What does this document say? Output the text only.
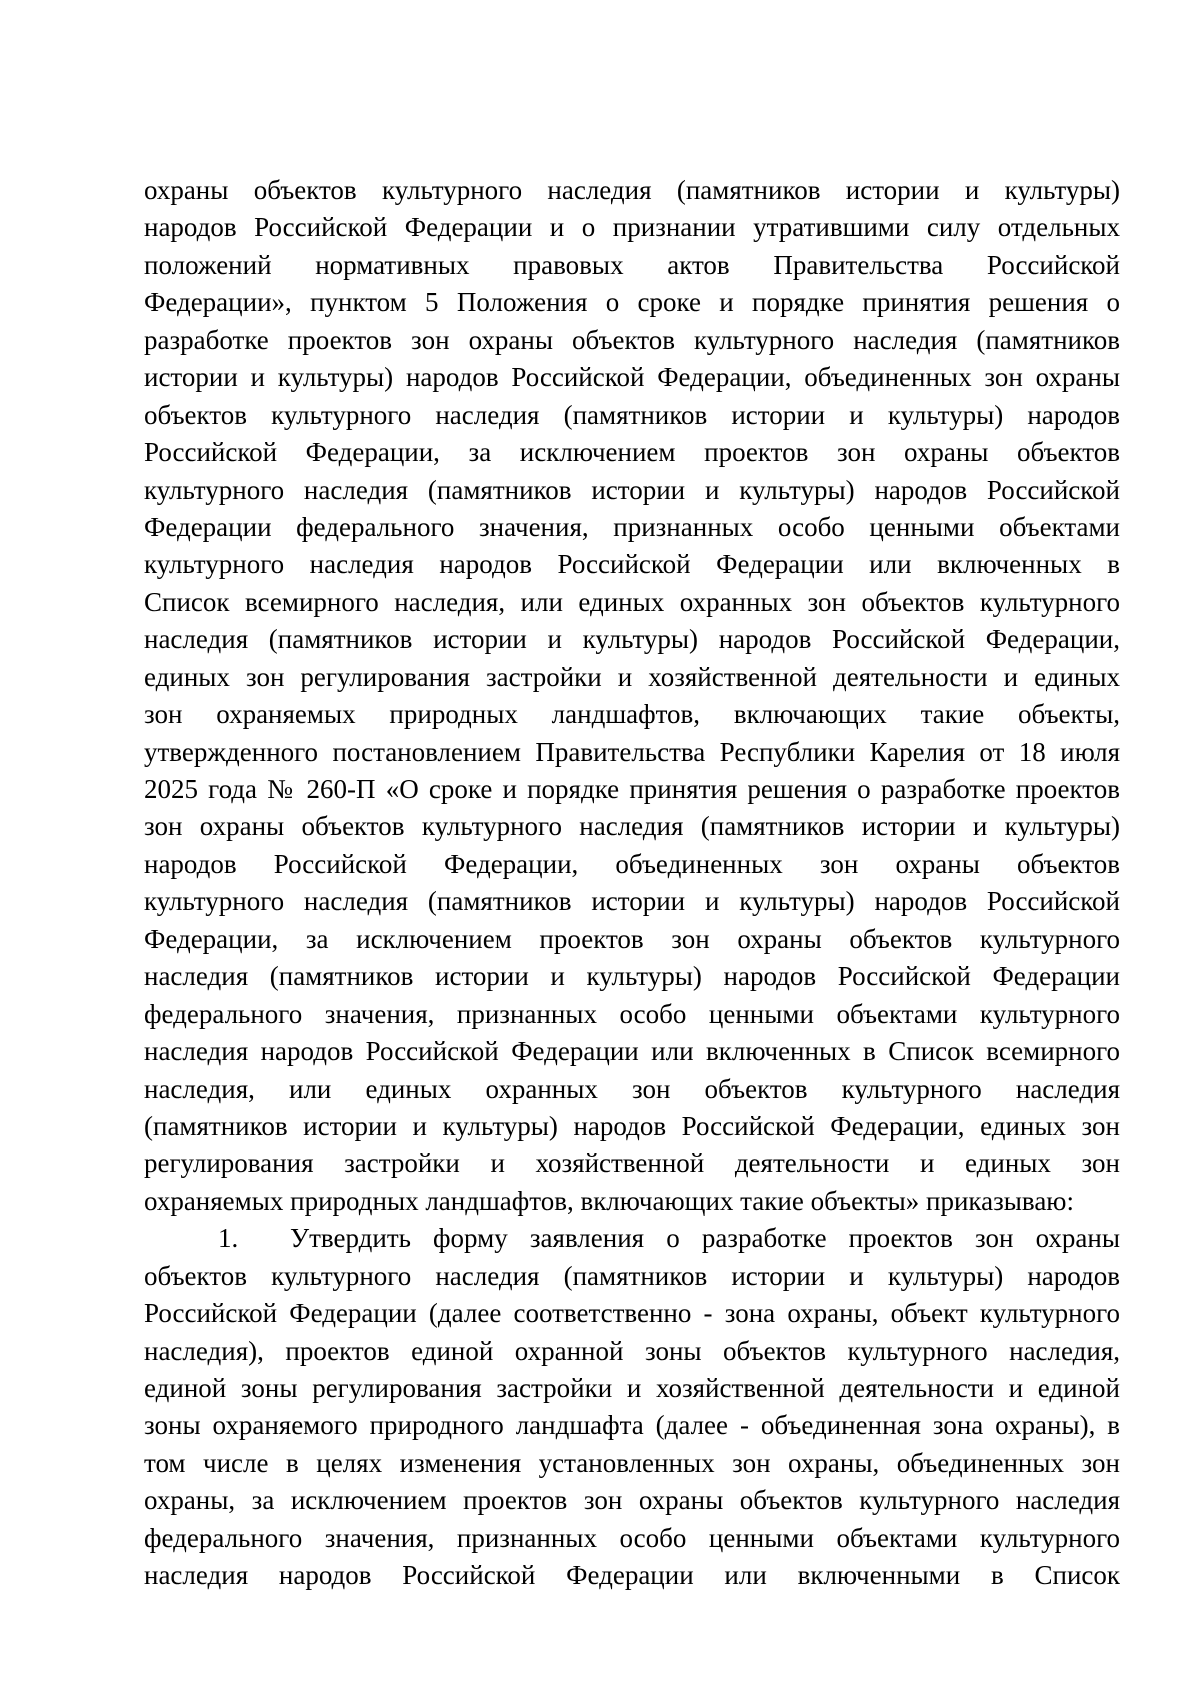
охраны объектов культурного наследия (памятников истории и культуры)
народов Российской Федерации и о признании утратившими силу отдельных
положений нормативных правовых актов Правительства Российской
Федерации», пунктом 5 Положения о сроке и порядке принятия решения о
разработке проектов зон охраны объектов культурного наследия (памятников
истории и культуры) народов Российской Федерации, объединенных зон охраны
объектов культурного наследия (памятников истории и культуры) народов
Российской Федерации, за исключением проектов зон охраны объектов
культурного наследия (памятников истории и культуры) народов Российской
Федерации федерального значения, признанных особо ценными объектами
культурного наследия народов Российской Федерации или включенных в
Список всемирного наследия, или единых охранных зон объектов культурного
наследия (памятников истории и культуры) народов Российской Федерации,
единых зон регулирования застройки и хозяйственной деятельности и единых
зон охраняемых природных ландшафтов, включающих такие объекты,
утвержденного постановлением Правительства Республики Карелия от 18 июля
2025 года № 260-П «О сроке и порядке принятия решения о разработке проектов
зон охраны объектов культурного наследия (памятников истории и культуры)
народов Российской Федерации, объединенных зон охраны объектов
культурного наследия (памятников истории и культуры) народов Российской
Федерации, за исключением проектов зон охраны объектов культурного
наследия (памятников истории и культуры) народов Российской Федерации
федерального значения, признанных особо ценными объектами культурного
наследия народов Российской Федерации или включенных в Список всемирного
наследия, или единых охранных зон объектов культурного наследия
(памятников истории и культуры) народов Российской Федерации, единых зон
регулирования застройки и хозяйственной деятельности и единых зон
охраняемых природных ландшафтов, включающих такие объекты» приказываю:
1. Утвердить форму заявления о разработке проектов зон охраны
объектов культурного наследия (памятников истории и культуры) народов
Российской Федерации (далее соответственно - зона охраны, объект культурного
наследия), проектов единой охранной зоны объектов культурного наследия,
единой зоны регулирования застройки и хозяйственной деятельности и единой
зоны охраняемого природного ландшафта (далее - объединенная зона охраны), в
том числе в целях изменения установленных зон охраны, объединенных зон
охраны, за исключением проектов зон охраны объектов культурного наследия
федерального значения, признанных особо ценными объектами культурного
наследия народов Российской Федерации или включенными в Список
